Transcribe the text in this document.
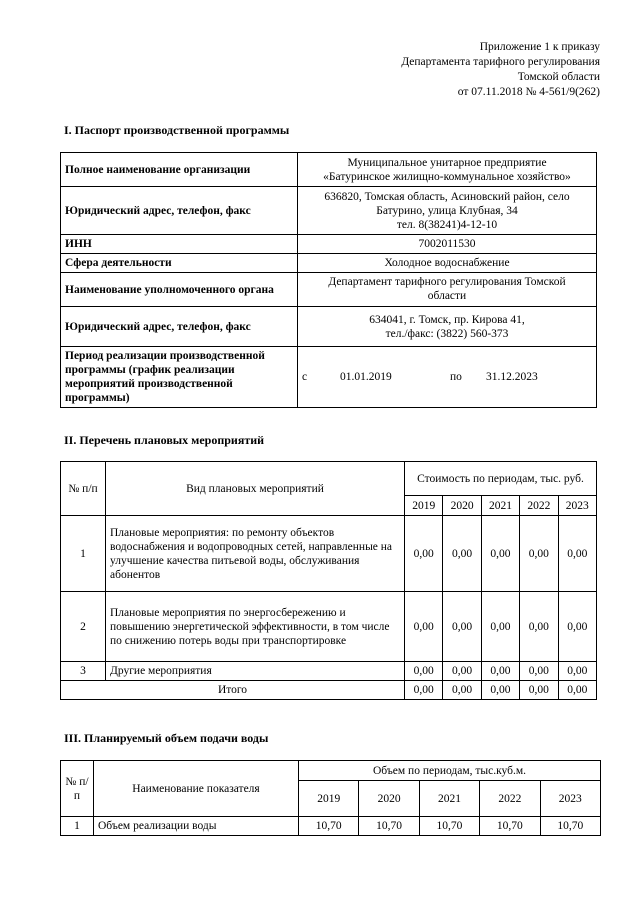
Приложение 1 к приказу
Департамента тарифного регулирования
Томской области
от 07.11.2018 № 4-561/9(262)
I. Паспорт производственной программы
Полное наименование организации	Муниципальное унитарное предприятие
«Батуринское жилищно-коммунальное хозяйство»

Юридический адрес, телефон, факс	636820, Томская область, Асиновский район, село
Батурино, улица Клубная, 34
тел. 8(38241)4-12-10

ИНН	7002011530

Сфера деятельности	Холодное водоснабжение

Наименование уполномоченного органа	Департамент тарифного регулирования Томской
области

Юридический адрес, телефон, факс	634041, г. Томск, пр. Кирова 41,
тел./факс: (3822) 560-373

Период реализации производственной программы (график реализации мероприятий производственной программы)	с 01.01.2019 по 31.12.2023
II. Перечень плановых мероприятий
№ п/п	Вид плановых мероприятий	Стоимость по периодам, тыс. руб.				
		2019	2020	2021	2022	2023
1	Плановые мероприятия: по ремонту объектов водоснабжения и водопроводных сетей, направленные на улучшение качества питьевой воды, обслуживания абонентов	0,00	0,00	0,00	0,00	0,00
2	Плановые мероприятия по энергосбережению и повышению энергетической эффективности, в том числе по снижению потерь воды при транспортировке	0,00	0,00	0,00	0,00	0,00
3	Другие мероприятия	0,00	0,00	0,00	0,00	0,00
Итого		0,00	0,00	0,00	0,00	0,00
III. Планируемый объем подачи воды
№ п/п	Наименование показателя	Объем по периодам, тыс.куб.м.				
		2019	2020	2021	2022	2023
1	Объем реализации воды	10,70	10,70	10,70	10,70	10,70
